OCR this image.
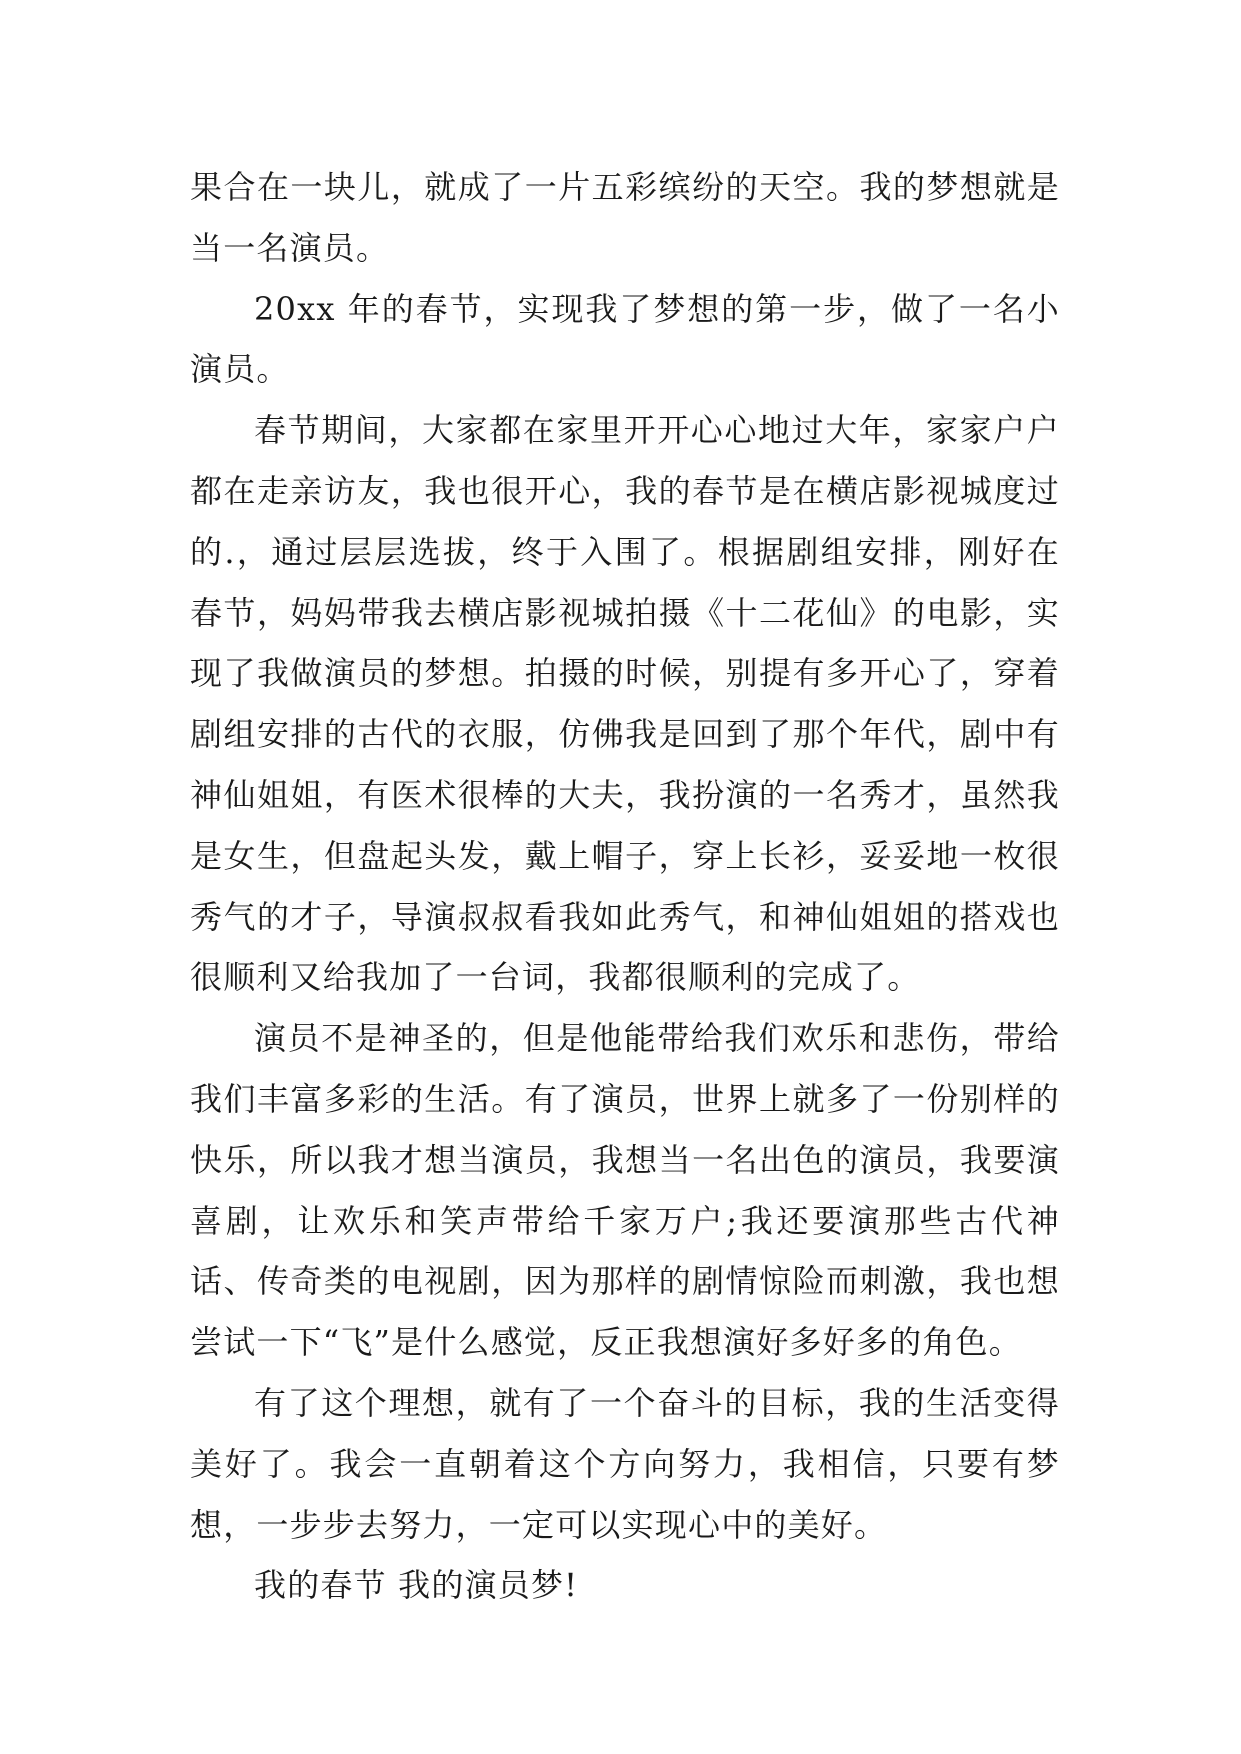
果合在一块儿，就成了一片五彩缤纷的天空。我的梦想就是当一名演员。

20xx 年的春节，实现我了梦想的第一步，做了一名小演员。

春节期间，大家都在家里开开心心地过大年，家家户户都在走亲访友，我也很开心，我的春节是在横店影视城度过的.，通过层层选拔，终于入围了。根据剧组安排，刚好在春节，妈妈带我去横店影视城拍摄《十二花仙》的电影，实现了我做演员的梦想。拍摄的时候，别提有多开心了，穿着剧组安排的古代的衣服，仿佛我是回到了那个年代，剧中有神仙姐姐，有医术很棒的大夫，我扮演的一名秀才，虽然我是女生，但盘起头发，戴上帽子，穿上长衫，妥妥地一枚很秀气的才子，导演叔叔看我如此秀气，和神仙姐姐的搭戏也很顺利又给我加了一台词，我都很顺利的完成了。

演员不是神圣的，但是他能带给我们欢乐和悲伤，带给我们丰富多彩的生活。有了演员，世界上就多了一份别样的快乐，所以我才想当演员，我想当一名出色的演员，我要演喜剧，让欢乐和笑声带给千家万户;我还要演那些古代神话、传奇类的电视剧，因为那样的剧情惊险而刺激，我也想尝试一下“飞”是什么感觉，反正我想演好多好多的角色。

有了这个理想，就有了一个奋斗的目标，我的生活变得美好了。我会一直朝着这个方向努力，我相信，只要有梦想，一步步去努力，一定可以实现心中的美好。

我的春节 我的演员梦!
